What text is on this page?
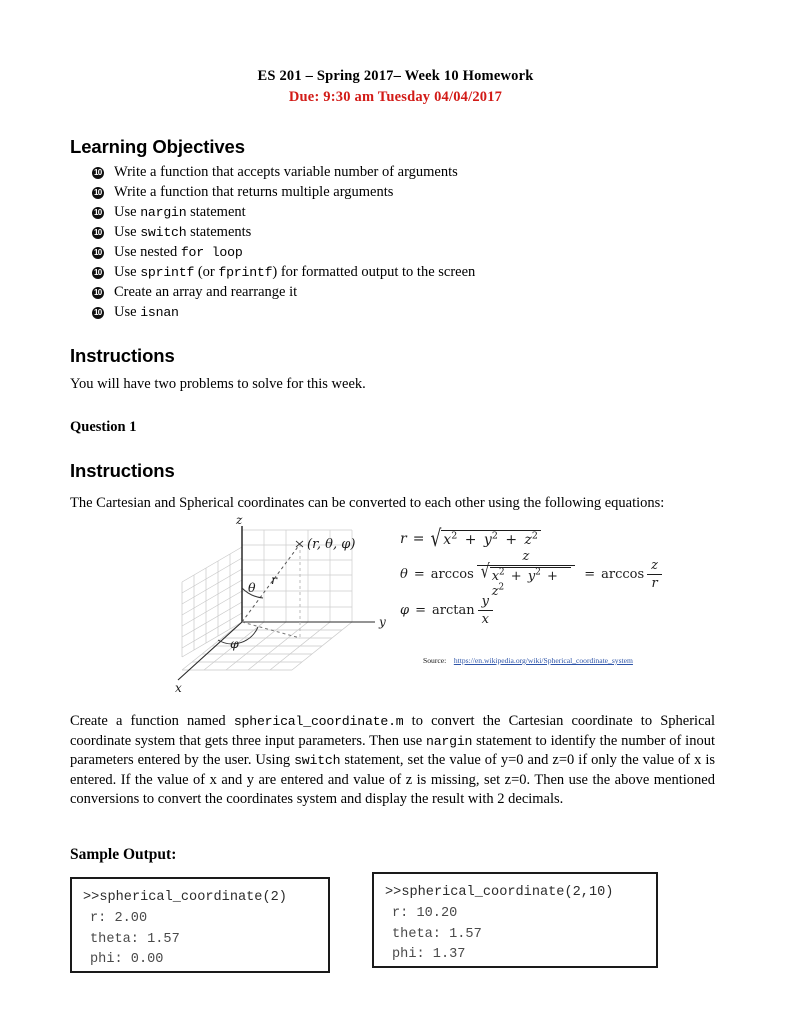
ES 201 – Spring 2017– Week 10 Homework
Due: 9:30 am Tuesday 04/04/2017
Learning Objectives
10 Write a function that accepts variable number of arguments
10 Write a function that returns multiple arguments
10 Use nargin statement
10 Use switch statements
10 Use nested for loop
10 Use sprintf (or fprintf) for formatted output to the screen
10 Create an array and rearrange it
10 Use isnan
Instructions
You will have two problems to solve for this week.
Question 1
Instructions
The Cartesian and Spherical coordinates can be converted to each other using the following equations:
z
y
x
(r, θ, φ)
r
θ
φ
r = √ $x^2 + y^2 + z^2$
θ = arccos
z
√ $x^2 + y^2 + z^2$
= $\arccos \frac{z}{r}$
$\varphi = \arctan \frac{y}{x}$
Source: https://en.wikipedia.org/wiki/Spherical_coordinate_system
Create a function named spherical_coordinate.m to convert the Cartesian coordinate to Spherical coordinate system that gets three input parameters. Then use nargin statement to identify the number of inout parameters entered by the user. Using switch statement, set the value of y=0 and z=0 if only the value of x is entered. If the value of x and y are entered and value of z is missing, set z=0. Then use the above mentioned conversions to convert the coordinates system and display the result with 2 decimals.
Sample Output:
>>spherical_coordinate(2)
r: 2.00
theta: 1.57
phi: 0.00
>>spherical_coordinate(2,10)
r: 10.20
theta: 1.57
phi: 1.37
